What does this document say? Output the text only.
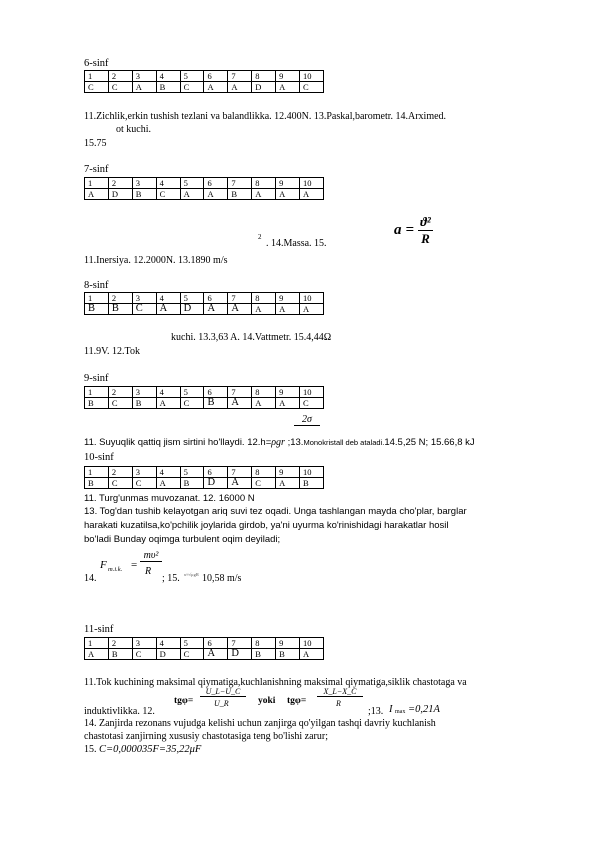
6-sinf
1	2	3	4	5	6	7	8	9	10
C	C	A	B	C	A	A	D	A	C
11.Zichlik,erkin tushish tezlani va balandlikka. 12.400N. 13.Paskal,barometr. 14.Arximed.
ot kuchi.
15.75
7-sinf
1	2	3	4	5	6	7	8	9	10
A	D	B	C	A	A	B	A	A	A
2
. 14.Massa. 15.
$a = \frac{\text{ϑ²}}{R}$
11.Inersiya. 12.2000N. 13.1890 m/s
8-sinf
1	2	3	4	5	6	7	8	9	10
B	B	C	A	D	A	A	A	A	A
kuchi. 13.3,63 A. 14.Vattmetr. 15.4,44Ω
11.9V. 12.Tok
9-sinf
1	2	3	4	5	6	7	8	9	10
B	C	B	A	C	B	A	A	A	C
2σ
11. Suyuqlik qattiq jism sirtini ho'llaydi. 12.h=ρgr ;13.Monokristall deb ataladi.14.5,25 N; 15.66,8 kJ
10-sinf
1	2	3	4	5	6	7	8	9	10
B	C	C	A	B	D	A	C	A	B
11. Turg'unmas muvozanat. 12. 16000 N
13. Tog'dan tushib kelayotgan ariq suvi tez oqadi. Unga tashlangan mayda cho'plar, barglar
harakati kuzatilsa,ko'pchilik joylarida girdob, ya'ni uyurma ko'rinishidagi harakatlar hosil
bo'ladi Bunday oqimga turbulent oqim deyiladi;
14.
F m.i.k. =
mυ²
R
; 15. υ≈√μgR 10,58 m/s
11-sinf
1	2	3	4	5	6	7	8	9	10
A	B	C	D	C	A	D	B	B	A
11.Tok kuchining maksimal qiymatiga,kuchlanishning maksimal qiymatiga,siklik chastotaga va
induktivlikka. 12.
tgφ=
U_L−U_C
U_R	yoki tgφ=
X_L−X_C
R
;13. I max =0,21A
14. Zanjirda rezonans vujudga kelishi uchun zanjirga qo'yilgan tashqi davriy kuchlanish
chastotasi zanjirning xususiy chastotasiga teng bo'lishi zarur;
15. C=0,000035F=35,22μF
